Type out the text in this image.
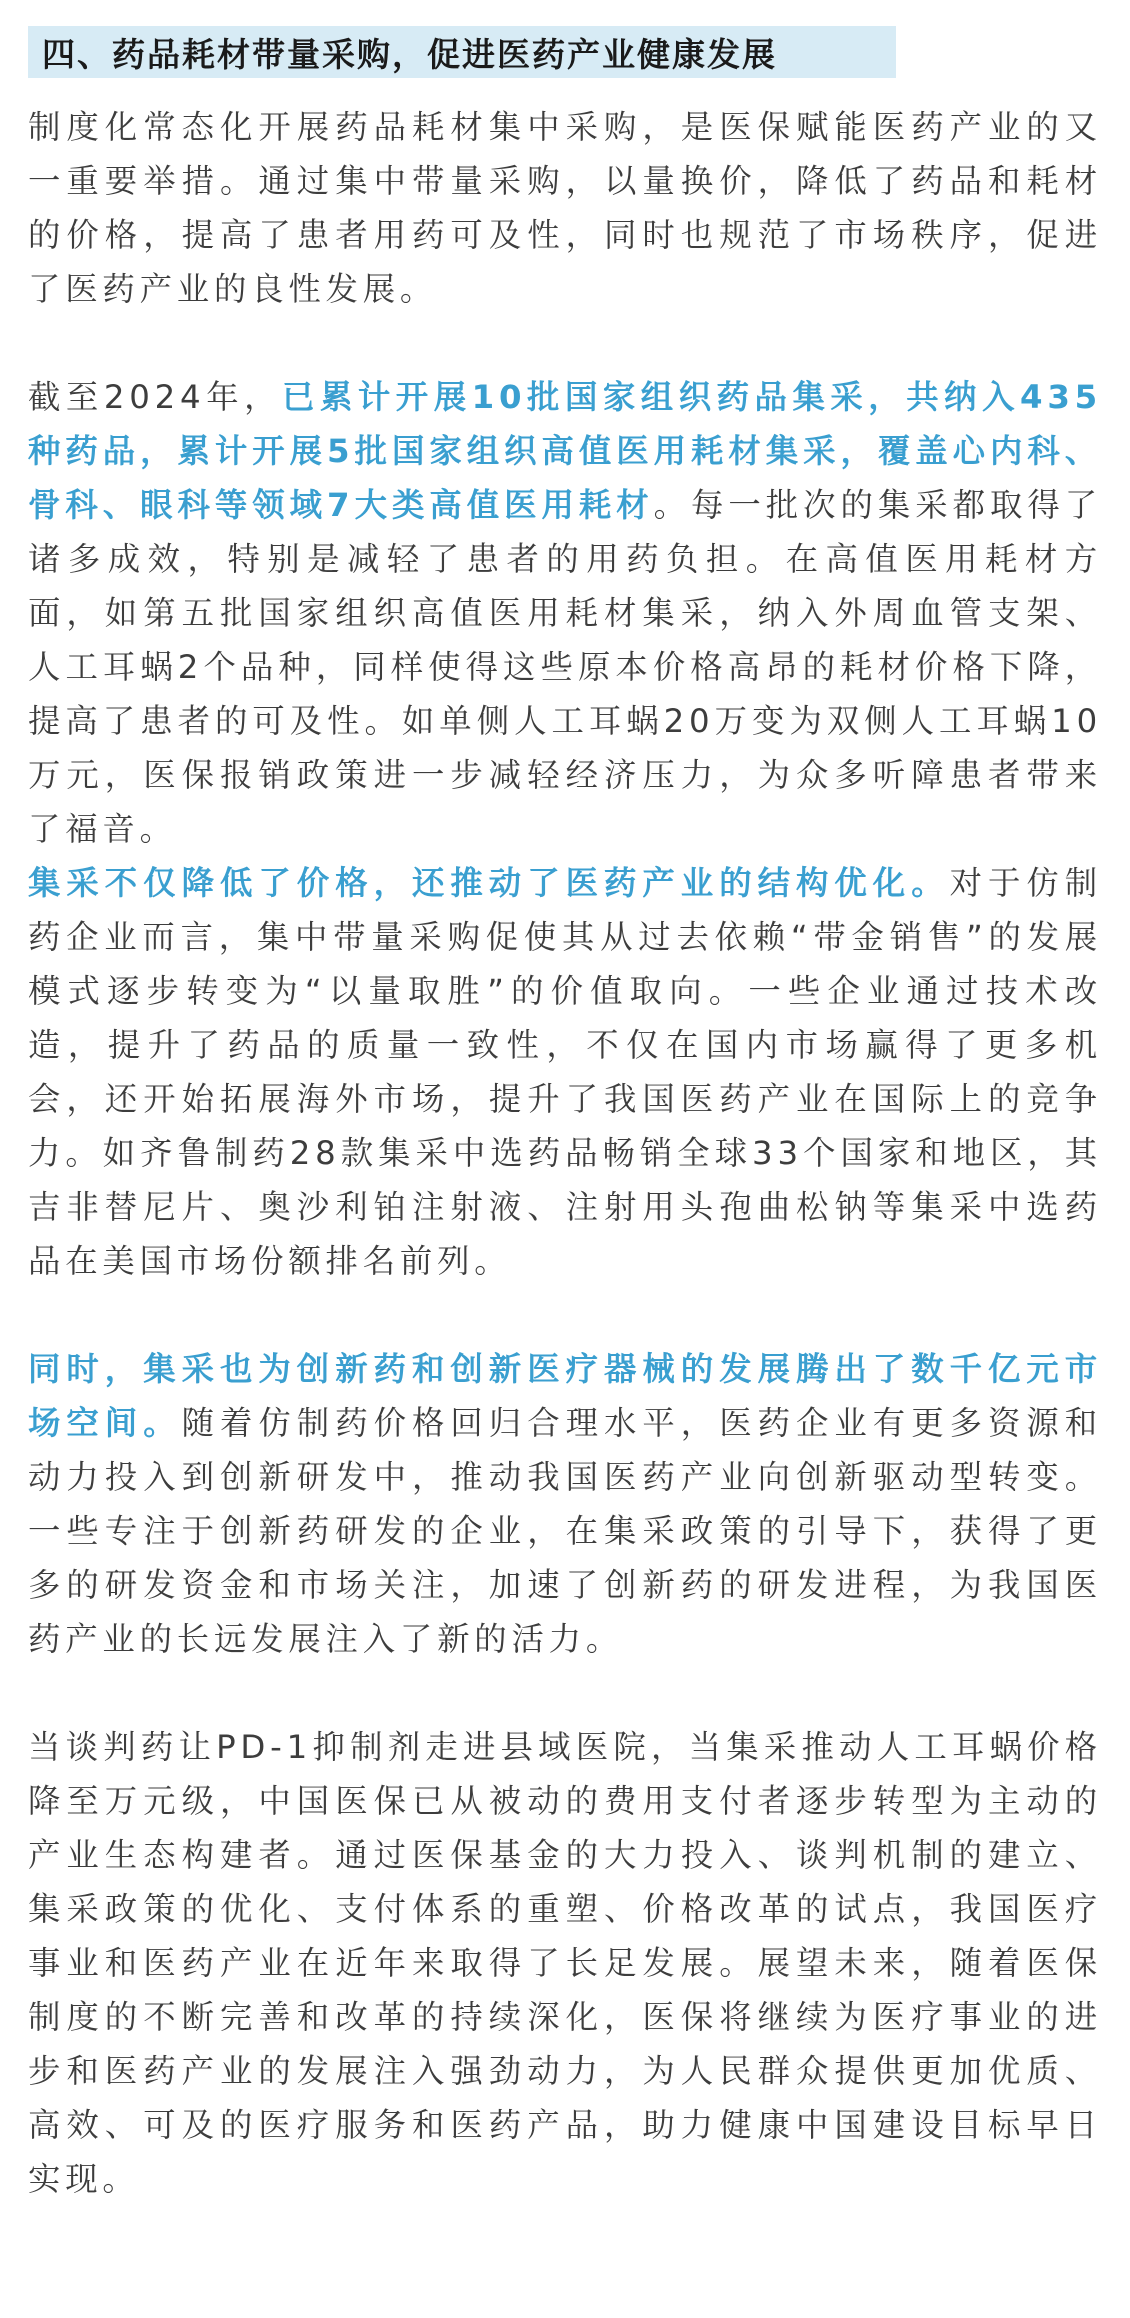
四、药品耗材带量采购，促进医药产业健康发展

制度化常态化开展药品耗材集中采购，是医保赋能医药产业的又一重要举措。通过集中带量采购，以量换价，降低了药品和耗材的价格，提高了患者用药可及性，同时也规范了市场秩序，促进了医药产业的良性发展。

截至2024年，已累计开展10批国家组织药品集采，共纳入435种药品，累计开展5批国家组织高值医用耗材集采，覆盖心内科、骨科、眼科等领域7大类高值医用耗材。每一批次的集采都取得了诸多成效，特别是减轻了患者的用药负担。在高值医用耗材方面，如第五批国家组织高值医用耗材集采，纳入外周血管支架、人工耳蜗2个品种，同样使得这些原本价格高昂的耗材价格下降，提高了患者的可及性。如单侧人工耳蜗20万变为双侧人工耳蜗10万元，医保报销政策进一步减轻经济压力，为众多听障患者带来了福音。

集采不仅降低了价格，还推动了医药产业的结构优化。对于仿制药企业而言，集中带量采购促使其从过去依赖“带金销售”的发展模式逐步转变为“以量取胜”的价值取向。一些企业通过技术改造，提升了药品的质量一致性，不仅在国内市场赢得了更多机会，还开始拓展海外市场，提升了我国医药产业在国际上的竞争力。如齐鲁制药28款集采中选药品畅销全球33个国家和地区，其吉非替尼片、奥沙利铂注射液、注射用头孢曲松钠等集采中选药品在美国市场份额排名前列。

同时，集采也为创新药和创新医疗器械的发展腾出了数千亿元市场空间。随着仿制药价格回归合理水平，医药企业有更多资源和动力投入到创新研发中，推动我国医药产业向创新驱动型转变。一些专注于创新药研发的企业，在集采政策的引导下，获得了更多的研发资金和市场关注，加速了创新药的研发进程，为我国医药产业的长远发展注入了新的活力。

当谈判药让PD-1抑制剂走进县域医院，当集采推动人工耳蜗价格降至万元级，中国医保已从被动的费用支付者逐步转型为主动的产业生态构建者。通过医保基金的大力投入、谈判机制的建立、集采政策的优化、支付体系的重塑、价格改革的试点，我国医疗事业和医药产业在近年来取得了长足发展。展望未来，随着医保制度的不断完善和改革的持续深化，医保将继续为医疗事业的进步和医药产业的发展注入强劲动力，为人民群众提供更加优质、高效、可及的医疗服务和医药产品，助力健康中国建设目标早日实现。
